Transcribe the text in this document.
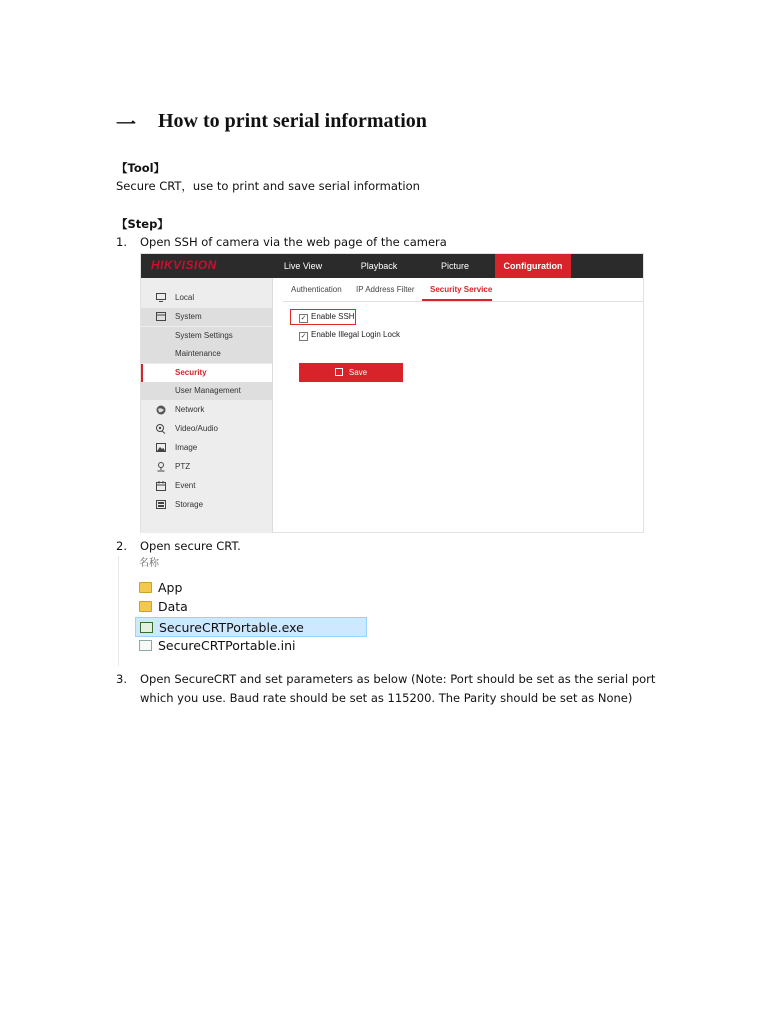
一 How to print serial information
【Tool】
Secure CRT，use to print and save serial information
【Step】
1. Open SSH of camera via the web page of the camera
HIKVISION	Live View	Playback	Picture	Configuration
Local
System
System Settings
Maintenance
Security
User Management
Network
Video/Audio
Image
PTZ
Event
Storage
Authentication IP Address Filter Security Service
✓ Enable SSH
✓ Enable Illegal Login Lock
Save
2. Open secure CRT.
名称
App
Data
SecureCRTPortable.exe
SecureCRTPortable.ini
3. Open SecureCRT and set parameters as below (Note: Port should be set as the serial port
which you use. Baud rate should be set as 115200. The Parity should be set as None)
